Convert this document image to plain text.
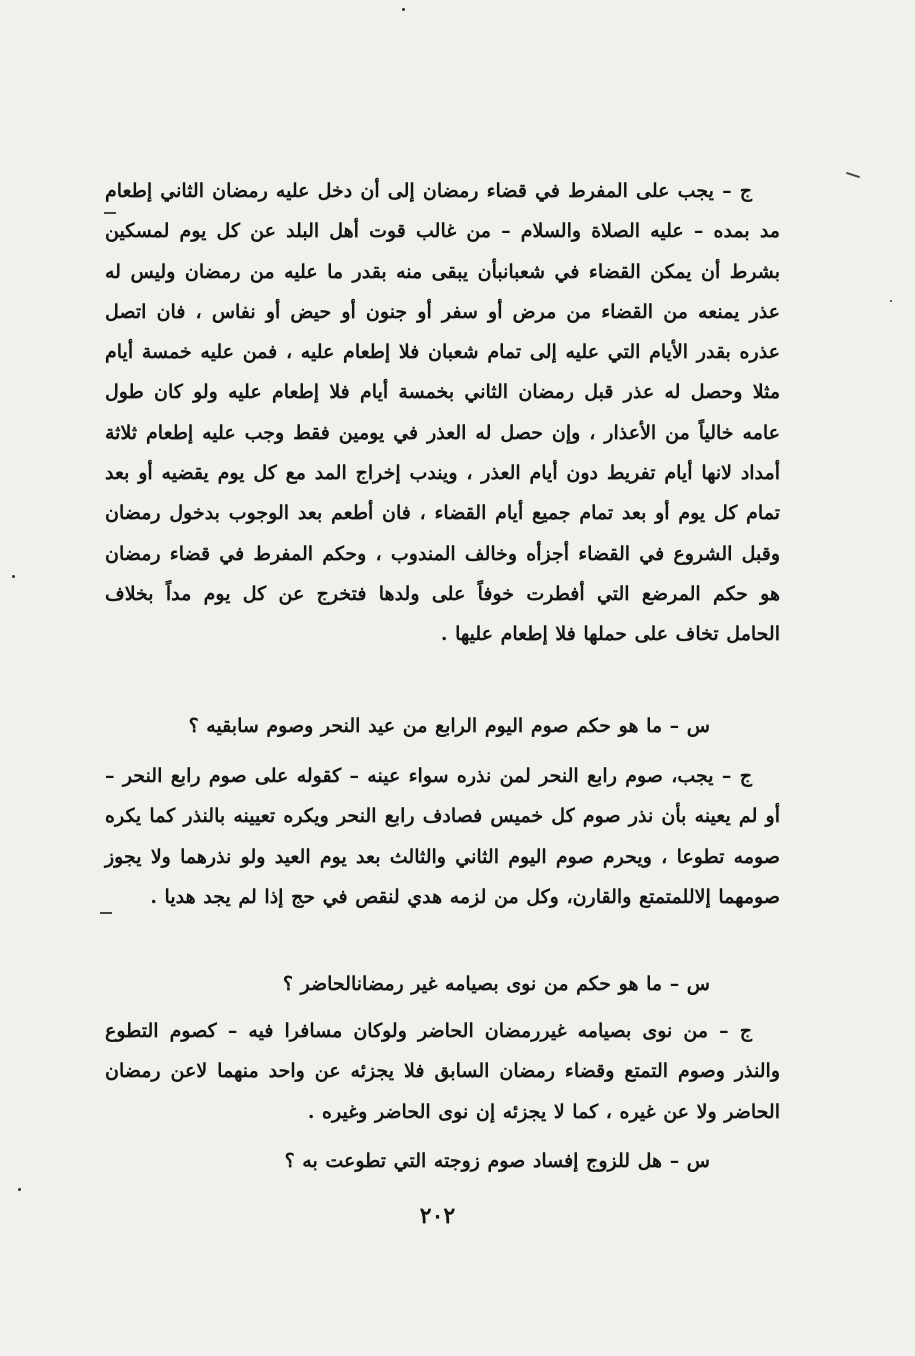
ج – يجب على المفرط في قضاء رمضان إلى أن دخل عليه رمضان الثاني إطعام مد بمده – عليه الصلاة والسلام – من غالب قوت أهل البلد عن كل يوم لمسكين بشرط أن يمكن القضاء في شعبانبأن يبقى منه بقدر ما عليه من رمضان وليس له عذر يمنعه من القضاء من مرض أو سفر أو جنون أو حيض أو نفاس ، فان اتصل عذره بقدر الأيام التي عليه إلى تمام شعبان فلا إطعام عليه ، فمن عليه خمسة أيام مثلا وحصل له عذر قبل رمضان الثاني بخمسة أيام فلا إطعام عليه ولو كان طول عامه خالياً من الأعذار ، وإن حصل له العذر في يومين فقط وجب عليه إطعام ثلاثة أمداد لانها أيام تفريط دون أيام العذر ، ويندب إخراج المد مع كل يوم يقضيه أو بعد تمام كل يوم أو بعد تمام جميع أيام القضاء ، فان أطعم بعد الوجوب بدخول رمضان وقبل الشروع في القضاء أجزأه وخالف المندوب ، وحكم المفرط في قضاء رمضان هو حكم المرضع التي أفطرت خوفاً على ولدها فتخرج عن كل يوم مداً بخلاف الحامل تخاف على حملها فلا إطعام عليها .

س – ما هو حكم صوم اليوم الرابع من عيد النحر وصوم سابقيه ؟

ج – يجب، صوم رابع النحر لمن نذره سواء عينه – كقوله على صوم رابع النحر – أو لم يعينه بأن نذر صوم كل خميس فصادف رابع النحر ويكره تعيينه بالنذر كما يكره صومه تطوعا ، ويحرم صوم اليوم الثاني والثالث بعد يوم العيد ولو نذرهما ولا يجوز صومهما إلاللمتمتع والقارن، وكل من لزمه هدي لنقص في حج إذا لم يجد هديا .

س – ما هو حكم من نوى بصيامه غير رمضانالحاضر ؟

ج – من نوى بصيامه غيررمضان الحاضر ولوكان مسافرا فيه – كصوم التطوع والنذر وصوم التمتع وقضاء رمضان السابق فلا يجزئه عن واحد منهما لاعن رمضان الحاضر ولا عن غيره ، كما لا يجزئه إن نوى الحاضر وغيره .

س – هل للزوج إفساد صوم زوجته التي تطوعت به ؟

٢٠٢
